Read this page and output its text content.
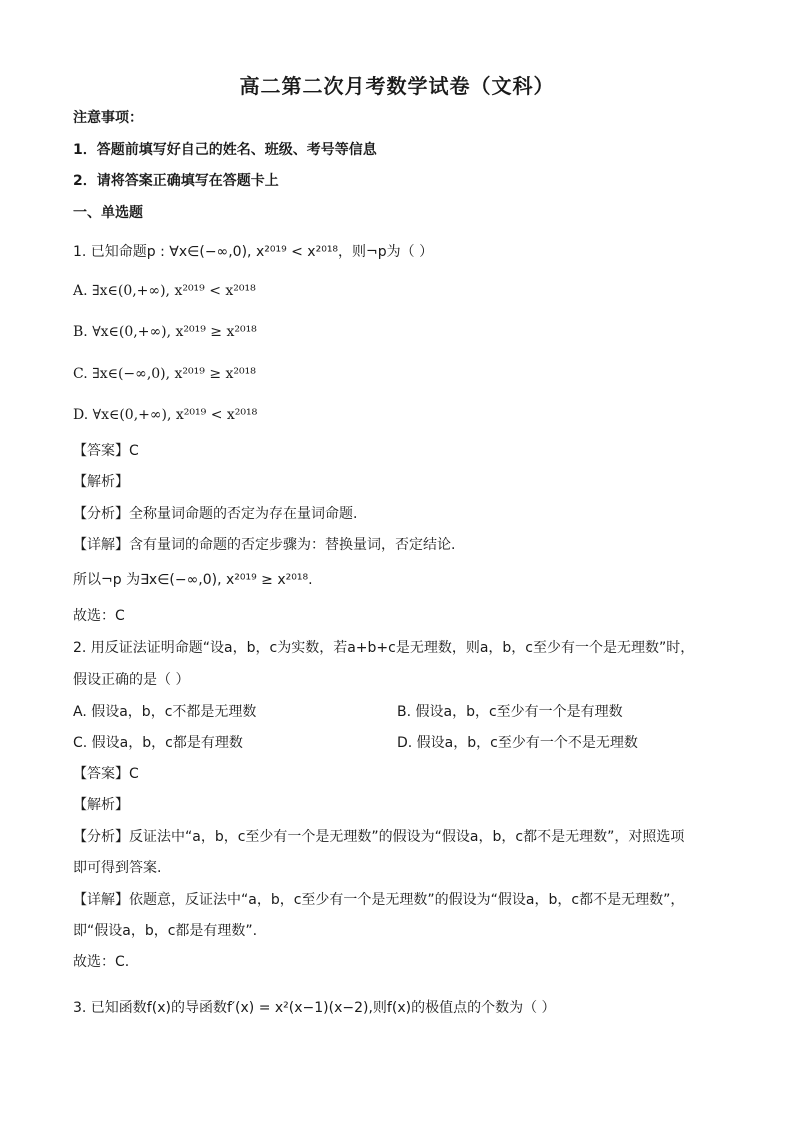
高二第二次月考数学试卷（文科）
注意事项：
1．答题前填写好自己的姓名、班级、考号等信息
2．请将答案正确填写在答题卡上
一、单选题
1. 已知命题p : ∀x∈(−∞,0), x²⁰¹⁹ < x²⁰¹⁸，则¬p为（ ）
A. ∃x∈(0,+∞), x²⁰¹⁹ < x²⁰¹⁸
B. ∀x∈(0,+∞), x²⁰¹⁹ ≥ x²⁰¹⁸
C. ∃x∈(−∞,0), x²⁰¹⁹ ≥ x²⁰¹⁸
D. ∀x∈(0,+∞), x²⁰¹⁹ < x²⁰¹⁸
【答案】C
【解析】
【分析】全称量词命题的否定为存在量词命题.
【详解】含有量词的命题的否定步骤为：替换量词，否定结论.
所以¬p 为∃x∈(−∞,0), x²⁰¹⁹ ≥ x²⁰¹⁸.
故选：C
2. 用反证法证明命题“设a，b，c为实数，若a+b+c是无理数，则a，b，c至少有一个是无理数”时，
假设正确的是（ ）
A. 假设a，b，c不都是无理数	B. 假设a，b，c至少有一个是有理数
C. 假设a，b，c都是有理数	D. 假设a，b，c至少有一个不是无理数
【答案】C
【解析】
【分析】反证法中“a，b，c至少有一个是无理数”的假设为“假设a，b，c都不是无理数”，对照选项
即可得到答案.
【详解】依题意，反证法中“a，b，c至少有一个是无理数”的假设为“假设a，b，c都不是无理数”，
即“假设a，b，c都是有理数”.
故选：C.
3. 已知函数f(x)的导函数f′(x) = x²(x−1)(x−2),则f(x)的极值点的个数为（ ）
